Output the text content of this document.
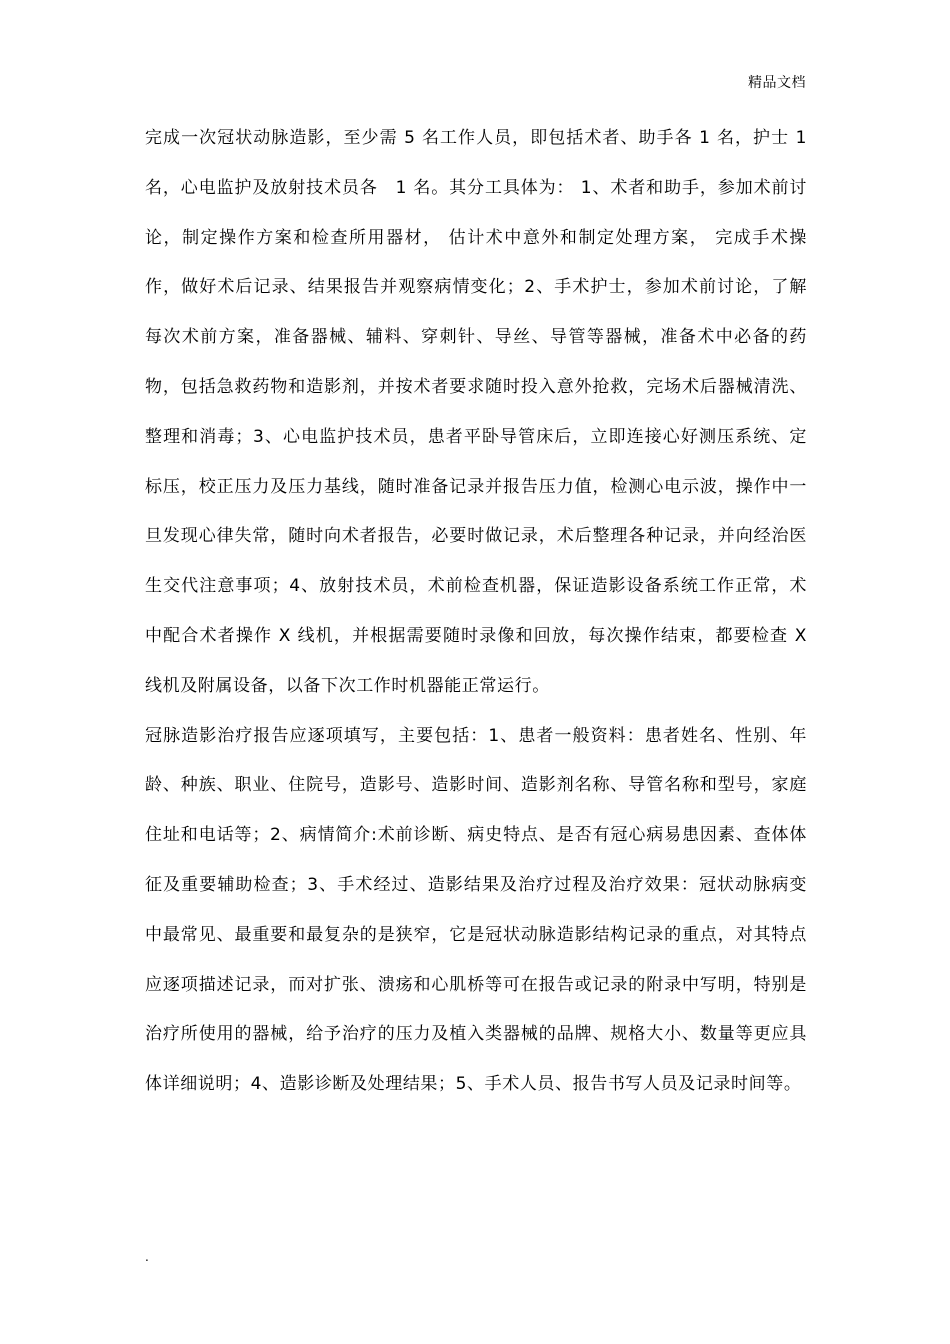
精品文档

完成一次冠状动脉造影，至少需 5 名工作人员，即包括术者、助手各 1 名，护士 1 名，心电监护及放射技术员各　1 名。其分工具体为： 1、术者和助手，参加术前讨论，制定操作方案和检查所用器材， 估计术中意外和制定处理方案， 完成手术操作，做好术后记录、结果报告并观察病情变化；2、手术护士，参加术前讨论，了解每次术前方案，准备器械、辅料、穿刺针、导丝、导管等器械，准备术中必备的药物，包括急救药物和造影剂，并按术者要求随时投入意外抢救，完场术后器械清洗、整理和消毒；3、心电监护技术员，患者平卧导管床后，立即连接心好测压系统、定标压，校正压力及压力基线，随时准备记录并报告压力值，检测心电示波，操作中一旦发现心律失常，随时向术者报告，必要时做记录，术后整理各种记录，并向经治医生交代注意事项；4、放射技术员，术前检查机器，保证造影设备系统工作正常，术中配合术者操作 X 线机，并根据需要随时录像和回放，每次操作结束，都要检查 X 线机及附属设备，以备下次工作时机器能正常运行。

冠脉造影治疗报告应逐项填写，主要包括：1、患者一般资料：患者姓名、性别、年龄、种族、职业、住院号，造影号、造影时间、造影剂名称、导管名称和型号，家庭住址和电话等；2、病情简介:术前诊断、病史特点、是否有冠心病易患因素、查体体征及重要辅助检查；3、手术经过、造影结果及治疗过程及治疗效果：冠状动脉病变中最常见、最重要和最复杂的是狭窄，它是冠状动脉造影结构记录的重点，对其特点应逐项描述记录，而对扩张、溃疡和心肌桥等可在报告或记录的附录中写明，特别是治疗所使用的器械，给予治疗的压力及植入类器械的品牌、规格大小、数量等更应具体详细说明；4、造影诊断及处理结果；5、手术人员、报告书写人员及记录时间等。

.
